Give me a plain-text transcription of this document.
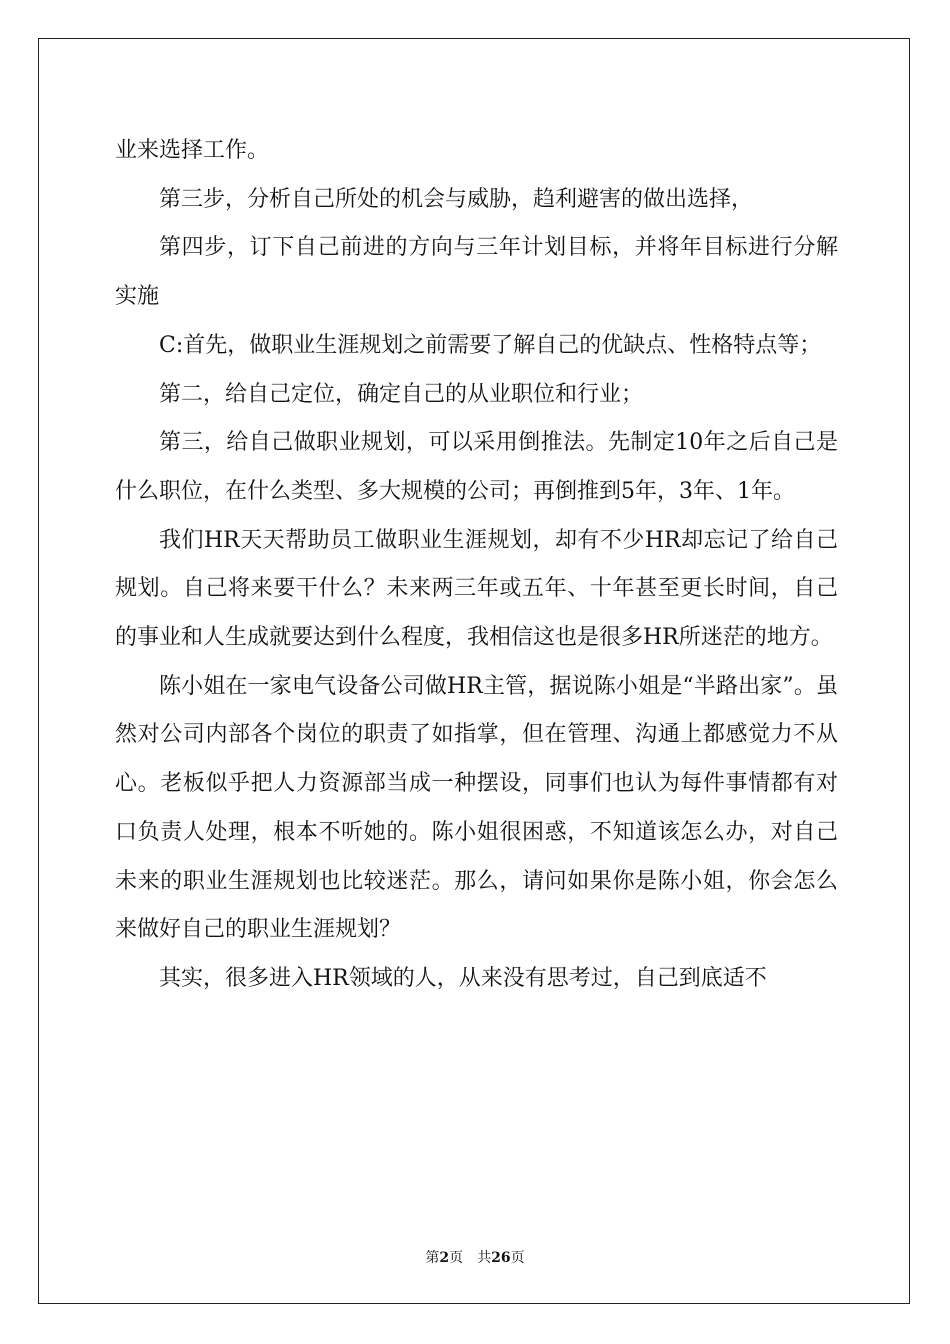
业来选择工作。

第三步，分析自己所处的机会与威胁，趋利避害的做出选择，

第四步，订下自己前进的方向与三年计划目标，并将年目标进行分解实施

C:首先，做职业生涯规划之前需要了解自己的优缺点、性格特点等；

第二，给自己定位，确定自己的从业职位和行业；

第三，给自己做职业规划，可以采用倒推法。先制定10年之后自己是什么职位，在什么类型、多大规模的公司；再倒推到5年，3年、1年。

我们HR天天帮助员工做职业生涯规划，却有不少HR却忘记了给自己规划。自己将来要干什么？未来两三年或五年、十年甚至更长时间，自己的事业和人生成就要达到什么程度，我相信这也是很多HR所迷茫的地方。

陈小姐在一家电气设备公司做HR主管，据说陈小姐是“半路出家”。虽然对公司内部各个岗位的职责了如指掌，但在管理、沟通上都感觉力不从心。老板似乎把人力资源部当成一种摆设，同事们也认为每件事情都有对口负责人处理，根本不听她的。陈小姐很困惑，不知道该怎么办，对自己未来的职业生涯规划也比较迷茫。那么，请问如果你是陈小姐，你会怎么来做好自己的职业生涯规划？

其实，很多进入HR领域的人，从来没有思考过，自己到底适不

第2页 共26页
